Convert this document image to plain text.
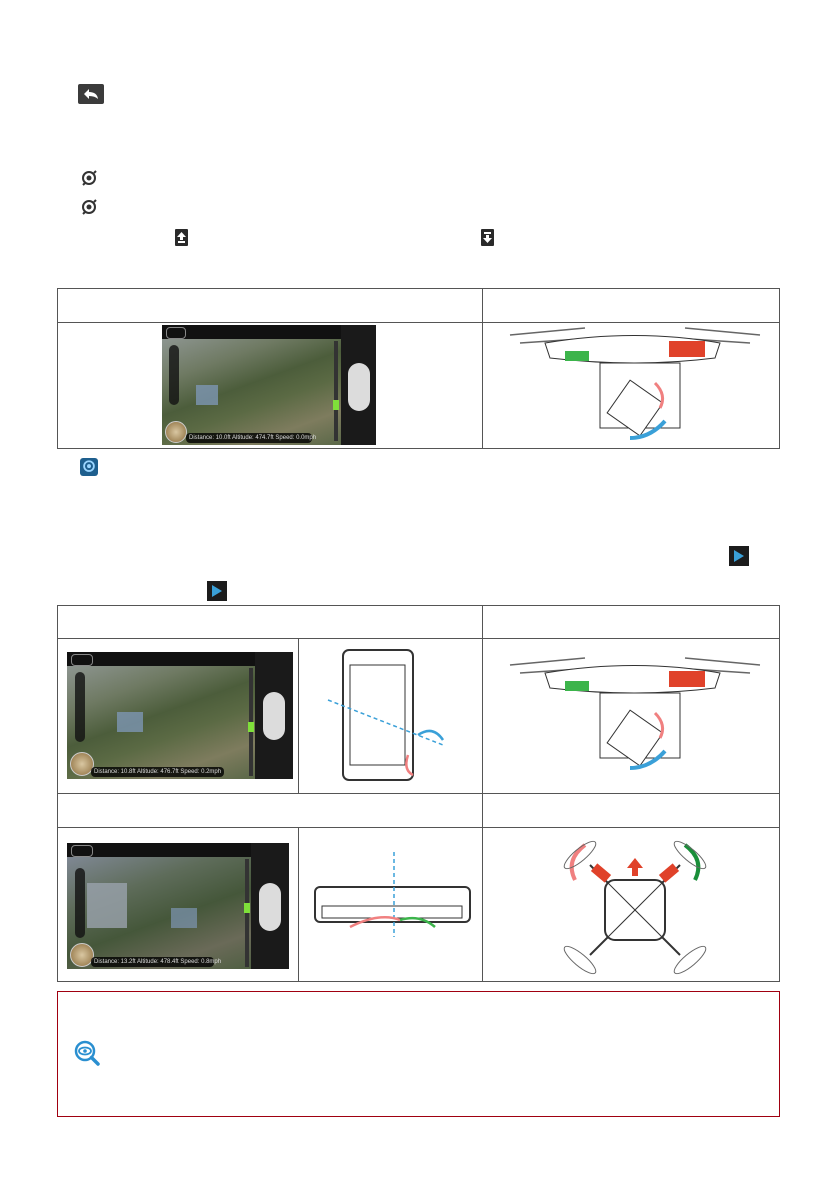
Distance: 10.0ft Altitude: 474.7ft Speed: 0.0mph
Distance: 10.8ft Altitude: 476.7ft Speed: 0.2mph
Distance: 13.2ft Altitude: 478.4ft Speed: 0.8mph
